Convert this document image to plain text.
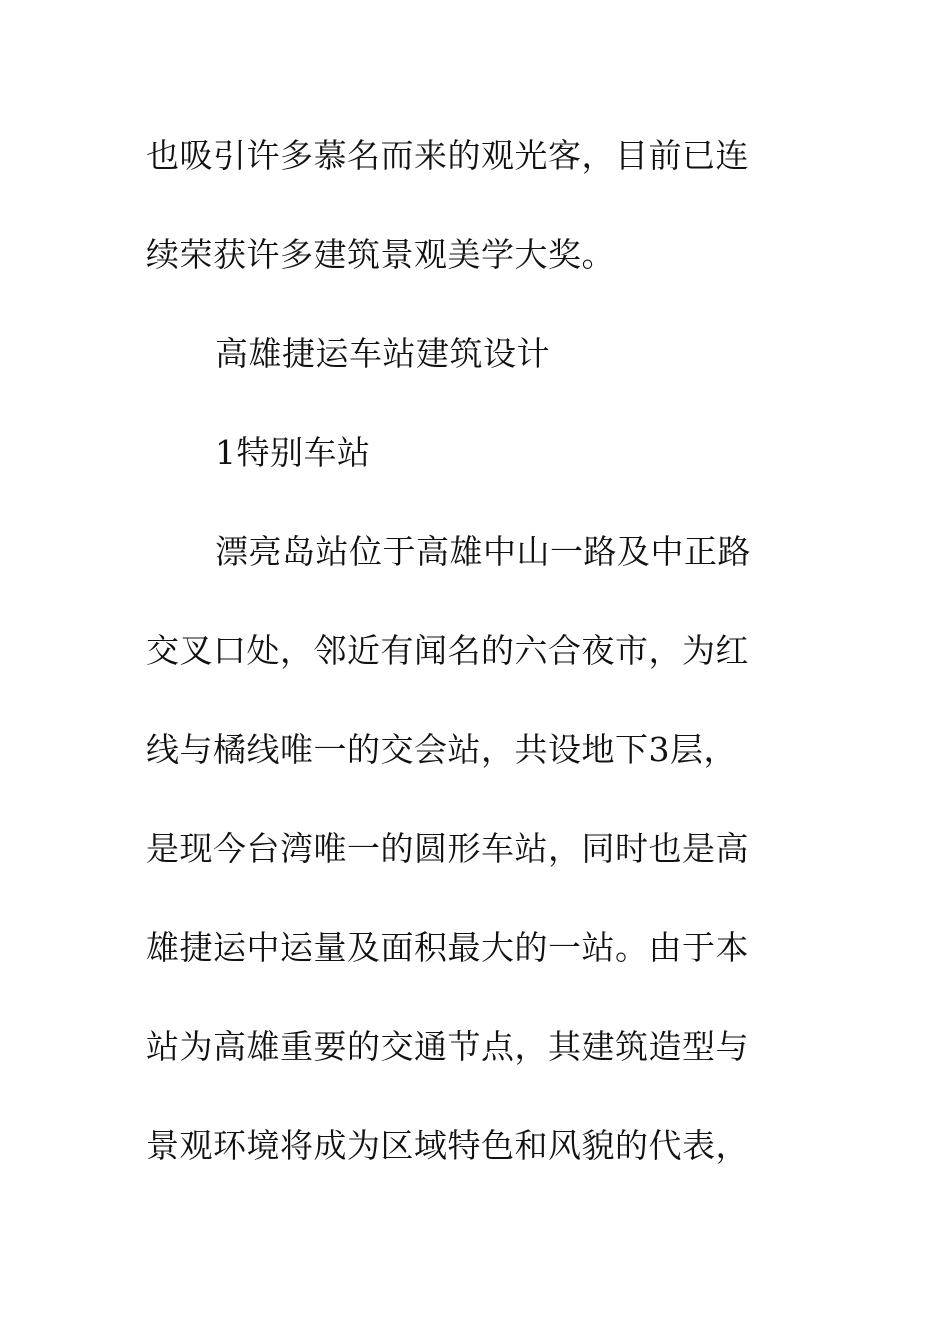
也吸引许多慕名而来的观光客，目前已连
续荣获许多建筑景观美学大奖。
高雄捷运车站建筑设计
1特别车站
漂亮岛站位于高雄中山一路及中正路
交叉口处，邻近有闻名的六合夜市，为红
线与橘线唯一的交会站，共设地下3层，
是现今台湾唯一的圆形车站，同时也是高
雄捷运中运量及面积最大的一站。由于本
站为高雄重要的交通节点，其建筑造型与
景观环境将成为区域特色和风貌的代表，
